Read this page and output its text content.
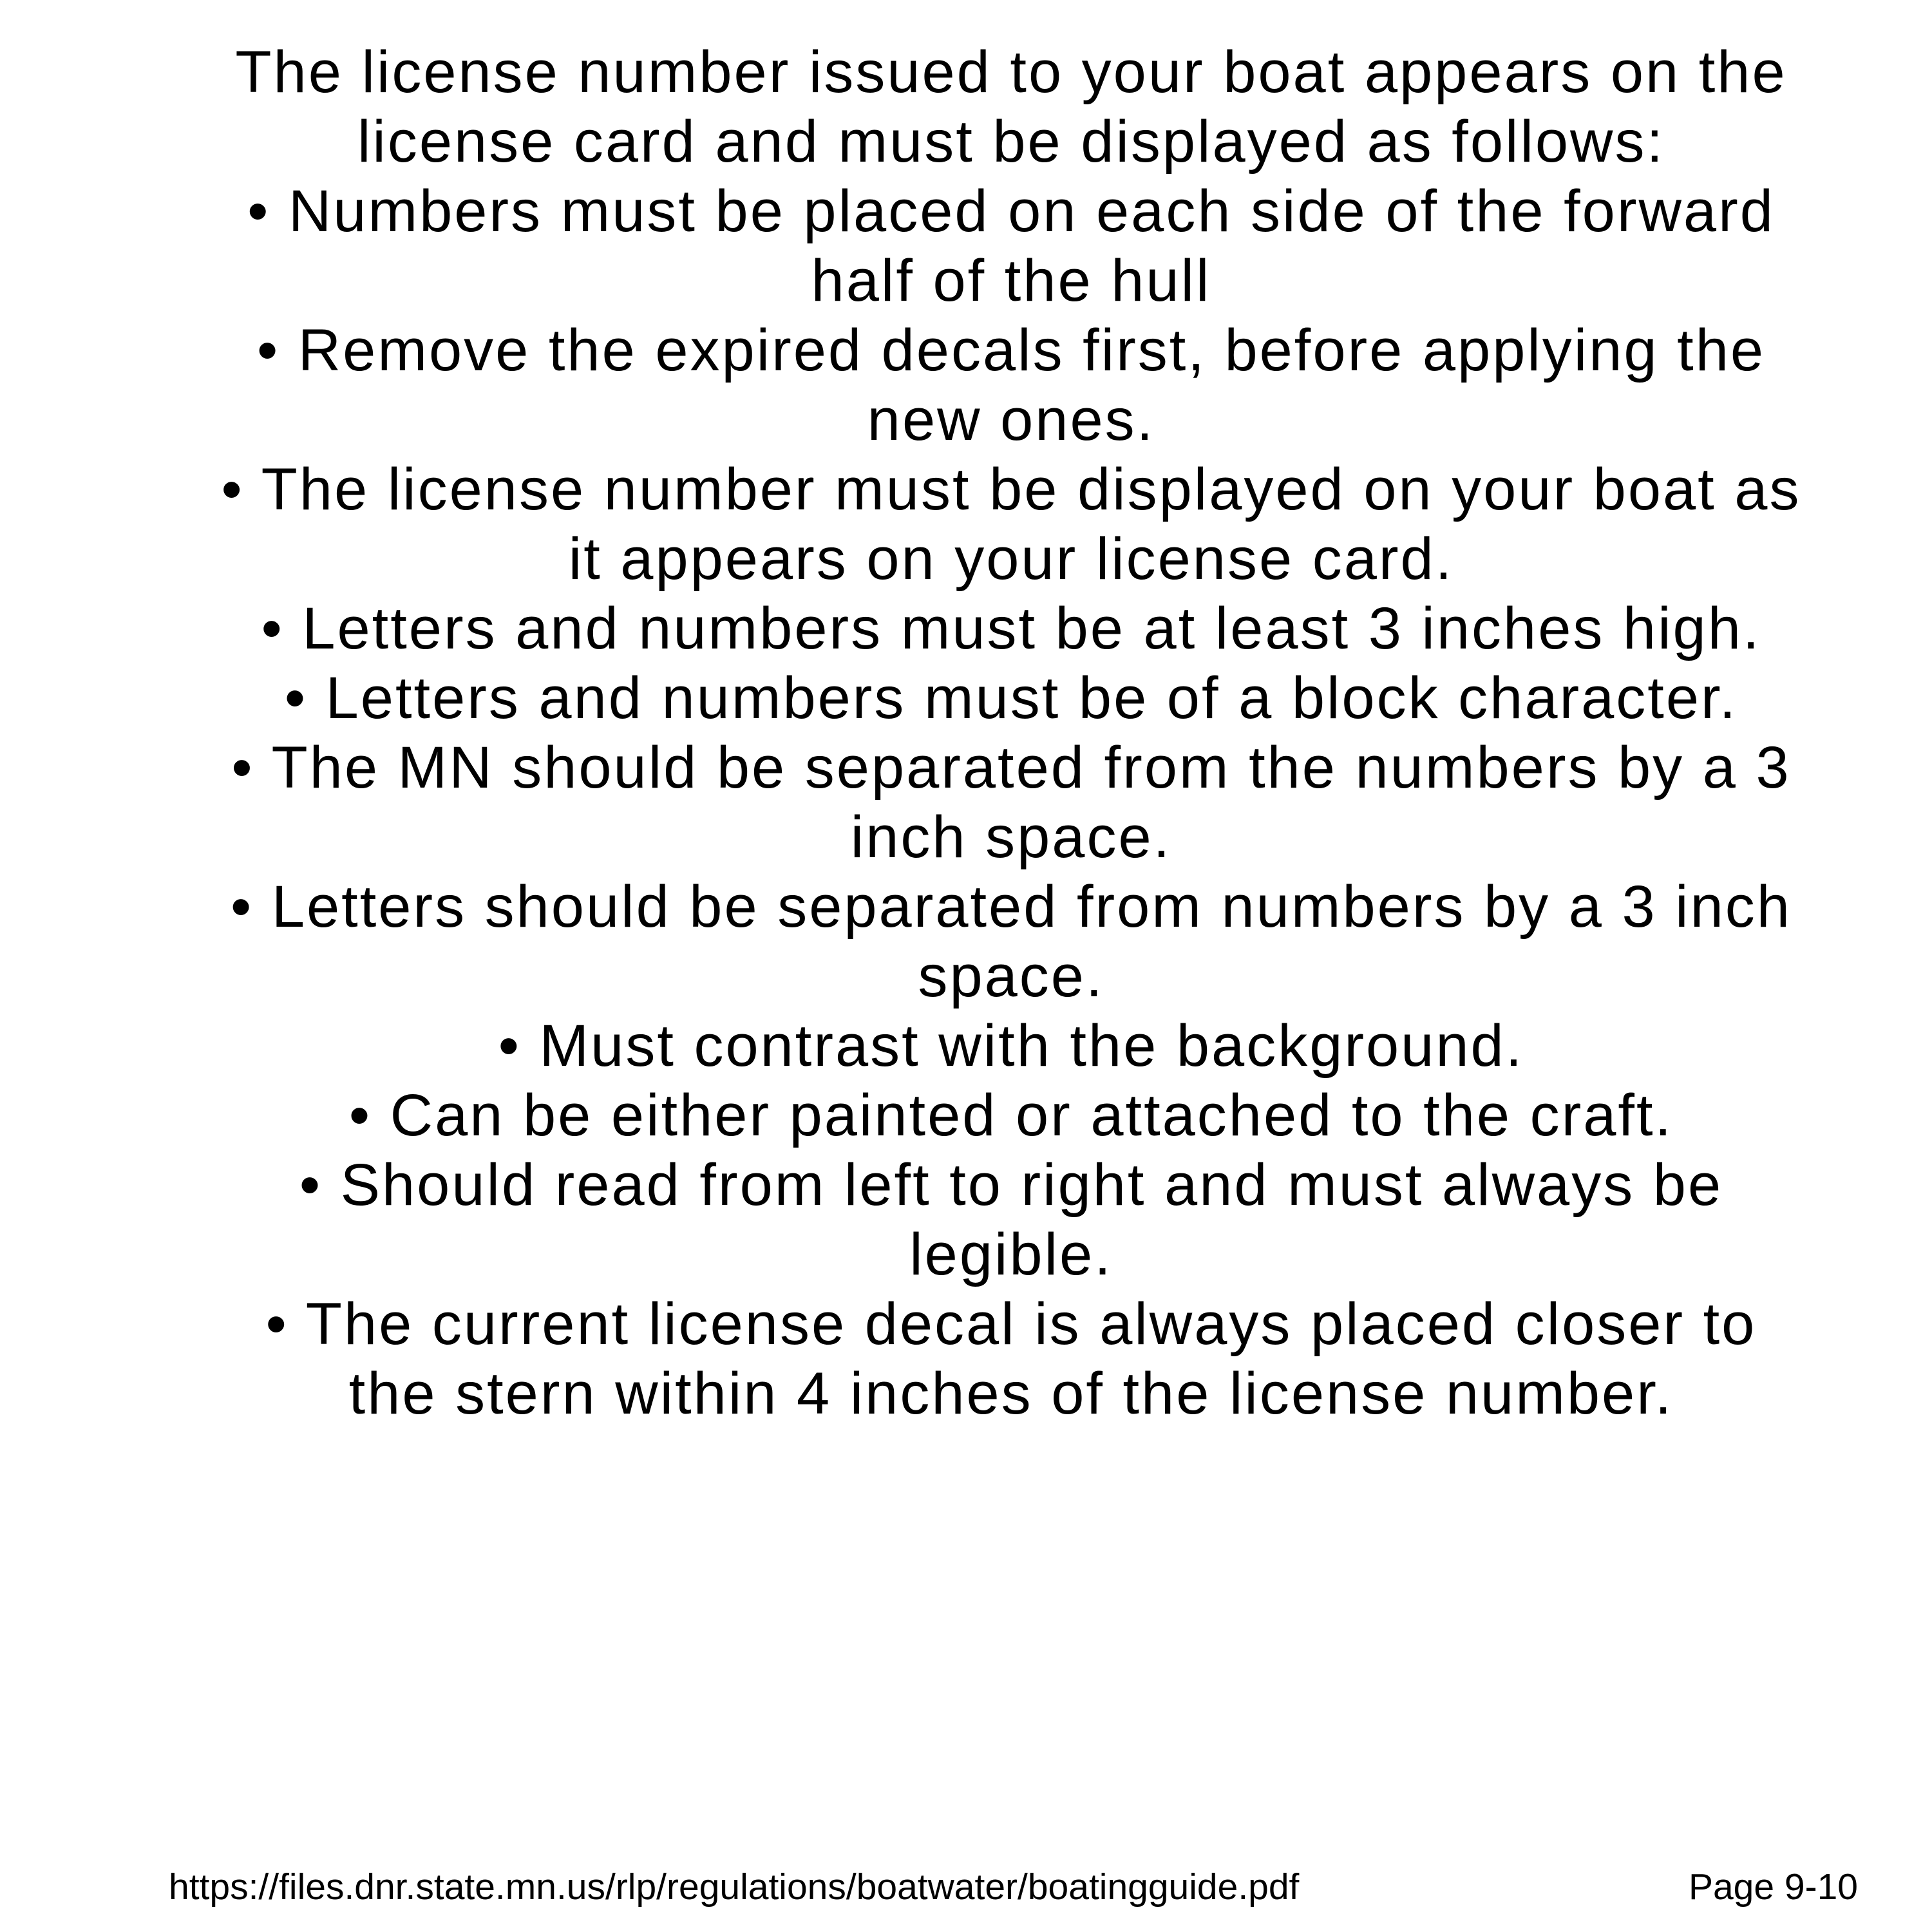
The license number issued to your boat appears on the license card and must be displayed as follows:

• Numbers must be placed on each side of the forward half of the hull

• Remove the expired decals first, before applying the new ones.

• The license number must be displayed on your boat as it appears on your license card.

• Letters and numbers must be at least 3 inches high.

• Letters and numbers must be of a block character.

• The MN should be separated from the numbers by a 3 inch space.

• Letters should be separated from numbers by a 3 inch space.

• Must contrast with the background.

• Can be either painted or attached to the craft.

• Should read from left to right and must always be legible.

• The current license decal is always placed closer to the stern within 4 inches of the license number.

https://files.dnr.state.mn.us/rlp/regulations/boatwater/boatingguide.pdf	Page 9-10
